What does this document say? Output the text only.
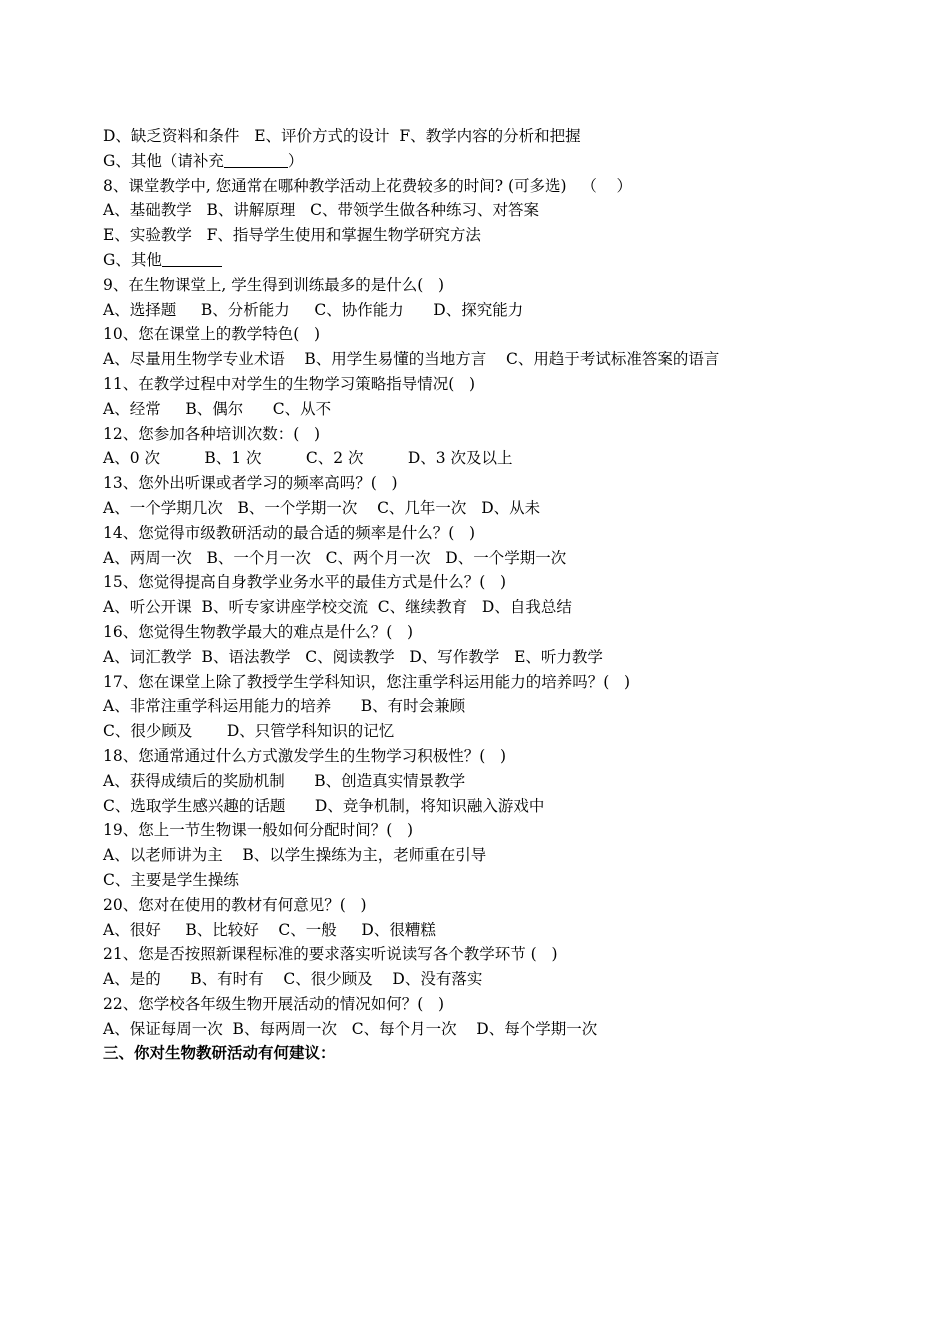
D、缺乏资料和条件   E、评价方式的设计  F、教学内容的分析和把握
G、其他（请补充	）
8、课堂教学中, 您通常在哪种教学活动上花费较多的时间? (可多选)   （    ）
A、基础教学   B、讲解原理   C、带领学生做各种练习、对答案
E、实验教学   F、指导学生使用和掌握生物学研究方法
G、其他
9、在生物课堂上, 学生得到训练最多的是什么(   )
A、选择题     B、分析能力     C、协作能力      D、探究能力
10、您在课堂上的教学特色(   )
A、尽量用生物学专业术语    B、用学生易懂的当地方言    C、用趋于考试标准答案的语言
11、在教学过程中对学生的生物学习策略指导情况(   )
A、经常     B、偶尔      C、从不
12、您参加各种培训次数：(   )
A、0 次         B、1 次         C、2 次         D、3 次及以上
13、您外出听课或者学习的频率高吗？(   )
A、一个学期几次   B、一个学期一次    C、几年一次   D、从未
14、您觉得市级教研活动的最合适的频率是什么？(   )
A、两周一次   B、一个月一次   C、两个月一次   D、一个学期一次
15、您觉得提高自身教学业务水平的最佳方式是什么？(   )
A、听公开课  B、听专家讲座学校交流  C、继续教育   D、自我总结
16、您觉得生物教学最大的难点是什么？(   )
A、词汇教学  B、语法教学   C、阅读教学   D、写作教学   E、听力教学
17、您在课堂上除了教授学生学科知识，您注重学科运用能力的培养吗？(   )
A、非常注重学科运用能力的培养      B、有时会兼顾
C、很少顾及       D、只管学科知识的记忆
18、您通常通过什么方式激发学生的生物学习积极性？(   )
A、获得成绩后的奖励机制      B、创造真实情景教学
C、选取学生感兴趣的话题      D、竞争机制，将知识融入游戏中
19、您上一节生物课一般如何分配时间？(   )
A、以老师讲为主    B、以学生操练为主，老师重在引导
C、主要是学生操练
20、您对在使用的教材有何意见？(   )
A、很好     B、比较好    C、一般     D、很糟糕
21、您是否按照新课程标准的要求落实听说读写各个教学环节 (   )
A、是的      B、有时有    C、很少顾及    D、没有落实
22、您学校各年级生物开展活动的情况如何？(   )
A、保证每周一次  B、每两周一次   C、每个月一次    D、每个学期一次
三、你对生物教研活动有何建议：
